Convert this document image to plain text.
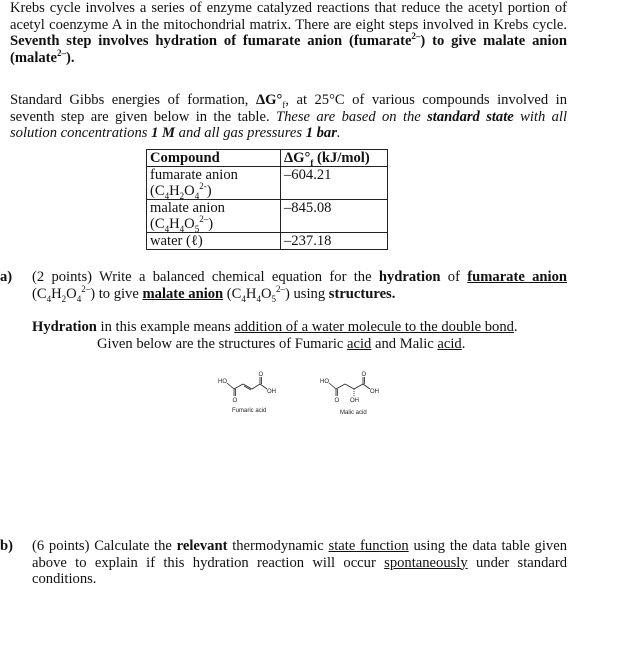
Krebs cycle involves a series of enzyme catalyzed reactions that reduce the acetyl portion of acetyl coenzyme A in the mitochondrial matrix. There are eight steps involved in Krebs cycle. Seventh step involves hydration of fumarate anion (fumarate$^{2-}$) to give malate anion (malate$^{2-}$).
Standard Gibbs energies of formation, $\Delta G^\circ_f$, at 25°C of various compounds involved in seventh step are given below in the table. These are based on the standard state with all solution concentrations 1 M and all gas pressures 1 bar.
Compound	$\Delta G^\circ_f$ (kJ/mol)
fumarate anion
$(C_4H_2O_4^{2-})$	–604.21
malate anion
$(C_4H_4O_5^{2-})$	–845.08
water (ℓ)	–237.18
a) (2 points) Write a balanced chemical equation for the hydration of fumarate anion $(C_4H_2O_4^{2-})$ to give malate anion $(C_4H_4O_5^{2-})$ using structures.
Hydration in this example means addition of a water molecule to the double bond.
Given below are the structures of Fumaric acid and Malic acid.
HO
OH
O
O
Fumaric acid
HO
OH
O
O
OH
Malic acid
b) (6 points) Calculate the relevant thermodynamic state function using the data table given above to explain if this hydration reaction will occur spontaneously under standard conditions.
